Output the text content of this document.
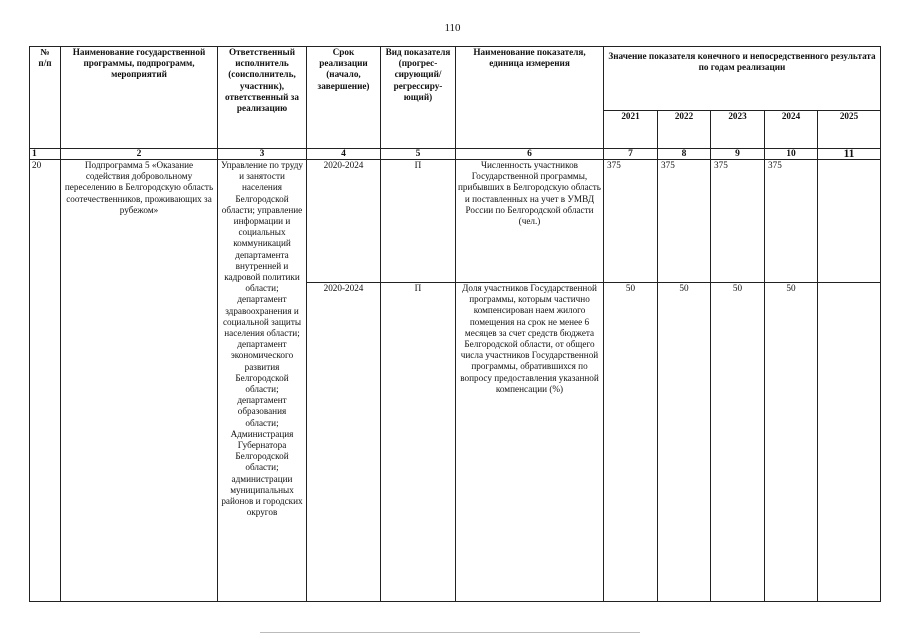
110
№
п/п	Наименование государственной программы, подпрограмм, мероприятий	Ответственный исполнитель (соисполнитель, участник), ответственный за реализацию	Срок реализации (начало, завершение)	Вид показателя (прогрес-сирующий/ регрессиру-ющий)	Наименование показателя, единица измерения	Значение показателя конечного и непосредственного результата по годам реализации				
						2021	2022	2023	2024	2025
1	2	3	4	5	6	7	8	9	10	11
20	Подпрограмма 5 «Оказание содействия добровольному переселению в Белгородскую область соотечественников, проживающих за рубежом»	Управление по труду и занятости населения Белгородской области; управление информации и социальных коммуникаций департамента внутренней и кадровой политики области; департамент здравоохранения и социальной защиты населения области; департамент экономического развития Белгородской области; департамент образования области; Администрация Губернатора Белгородской области; администрации муниципальных районов и городских округов	2020-2024	П	Численность участников Государственной программы, прибывших в Белгородскую область и поставленных на учет в УМВД России по Белгородской области (чел.)	375	375	375	375	
			2020-2024	П	Доля участников Государственной программы, которым частично компенсирован наем жилого помещения на срок не менее 6 месяцев за счет средств бюджета Белгородской области, от общего числа участников Государственной программы, обратившихся по вопросу предоставления указанной компенсации (%)	50	50	50	50	
